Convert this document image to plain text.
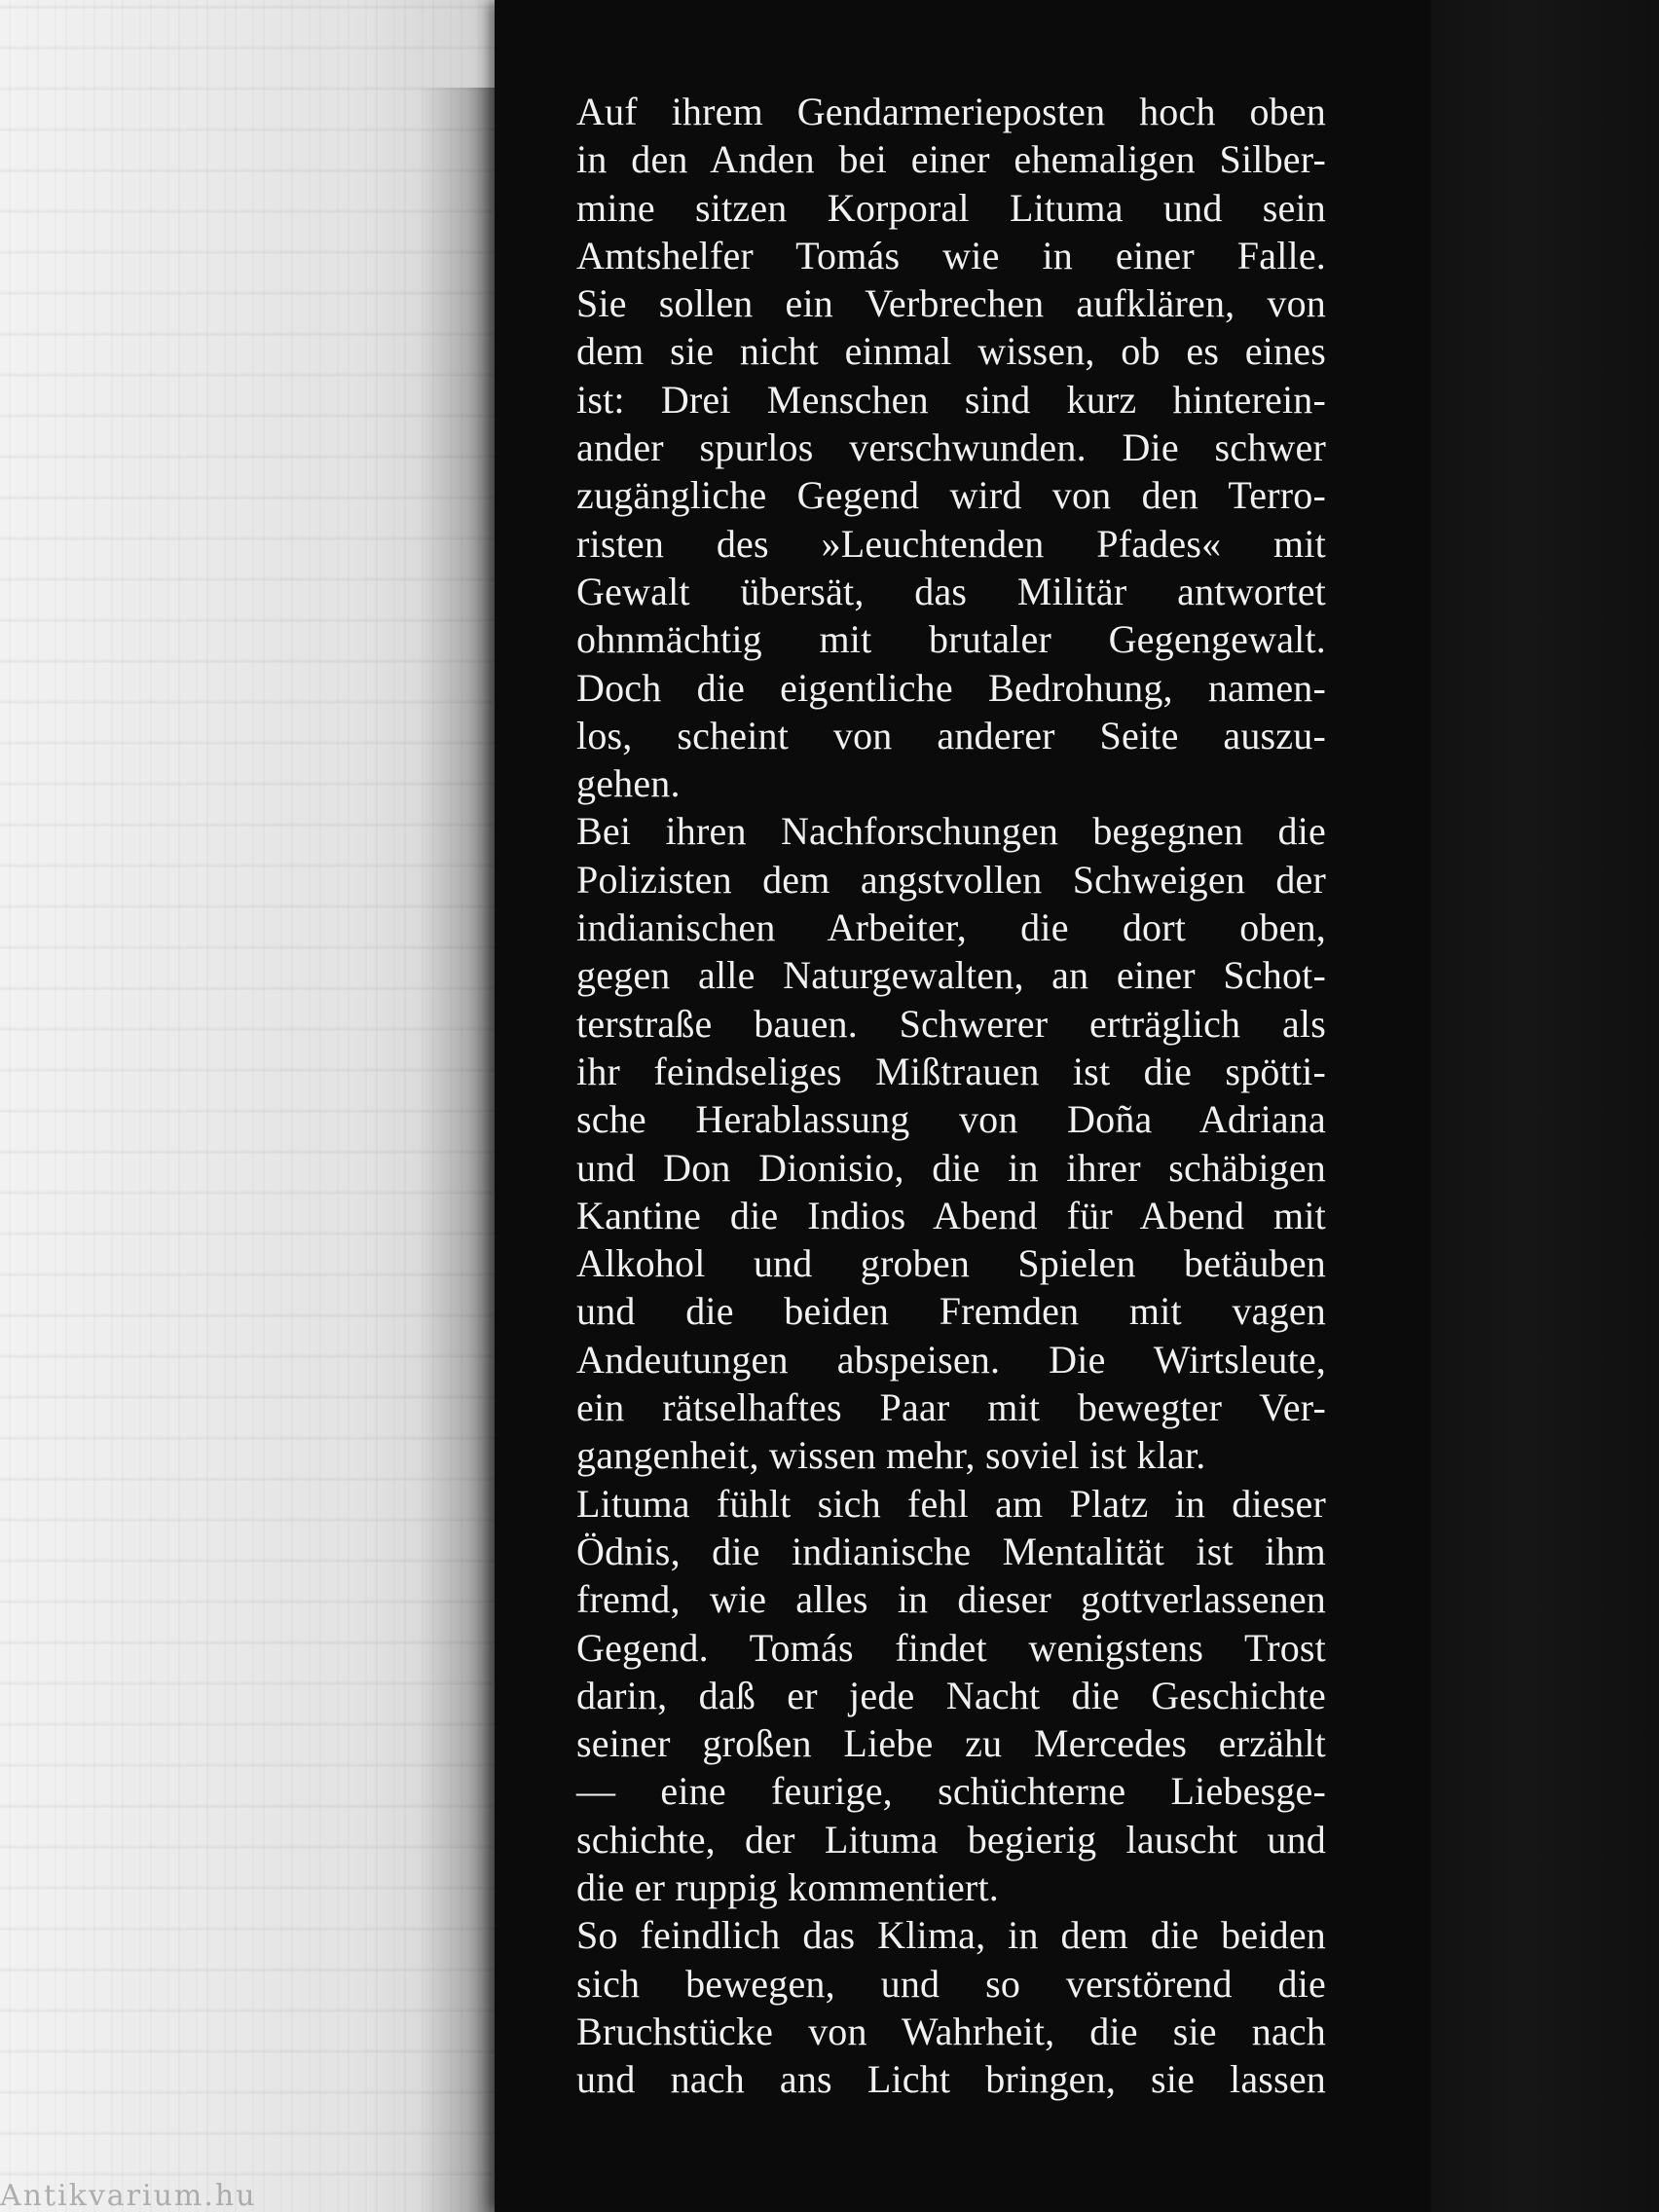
Antikvarium.hu
Auf ihrem Gendarmerieposten hoch oben
in den Anden bei einer ehemaligen Silber-
mine sitzen Korporal Lituma und sein
Amtshelfer Tomás wie in einer Falle.
Sie sollen ein Verbrechen aufklären, von
dem sie nicht einmal wissen, ob es eines
ist: Drei Menschen sind kurz hinterein-
ander spurlos verschwunden. Die schwer
zugängliche Gegend wird von den Terro-
risten des »Leuchtenden Pfades« mit
Gewalt übersät, das Militär antwortet
ohnmächtig mit brutaler Gegengewalt.
Doch die eigentliche Bedrohung, namen-
los, scheint von anderer Seite auszu-
gehen.
Bei ihren Nachforschungen begegnen die
Polizisten dem angstvollen Schweigen der
indianischen Arbeiter, die dort oben,
gegen alle Naturgewalten, an einer Schot-
terstraße bauen. Schwerer erträglich als
ihr feindseliges Mißtrauen ist die spötti-
sche Herablassung von Doña Adriana
und Don Dionisio, die in ihrer schäbigen
Kantine die Indios Abend für Abend mit
Alkohol und groben Spielen betäuben
und die beiden Fremden mit vagen
Andeutungen abspeisen. Die Wirtsleute,
ein rätselhaftes Paar mit bewegter Ver-
gangenheit, wissen mehr, soviel ist klar.
Lituma fühlt sich fehl am Platz in dieser
Ödnis, die indianische Mentalität ist ihm
fremd, wie alles in dieser gottverlassenen
Gegend. Tomás findet wenigstens Trost
darin, daß er jede Nacht die Geschichte
seiner großen Liebe zu Mercedes erzählt
— eine feurige, schüchterne Liebesge-
schichte, der Lituma begierig lauscht und
die er ruppig kommentiert.
So feindlich das Klima, in dem die beiden
sich bewegen, und so verstörend die
Bruchstücke von Wahrheit, die sie nach
und nach ans Licht bringen, sie lassen
